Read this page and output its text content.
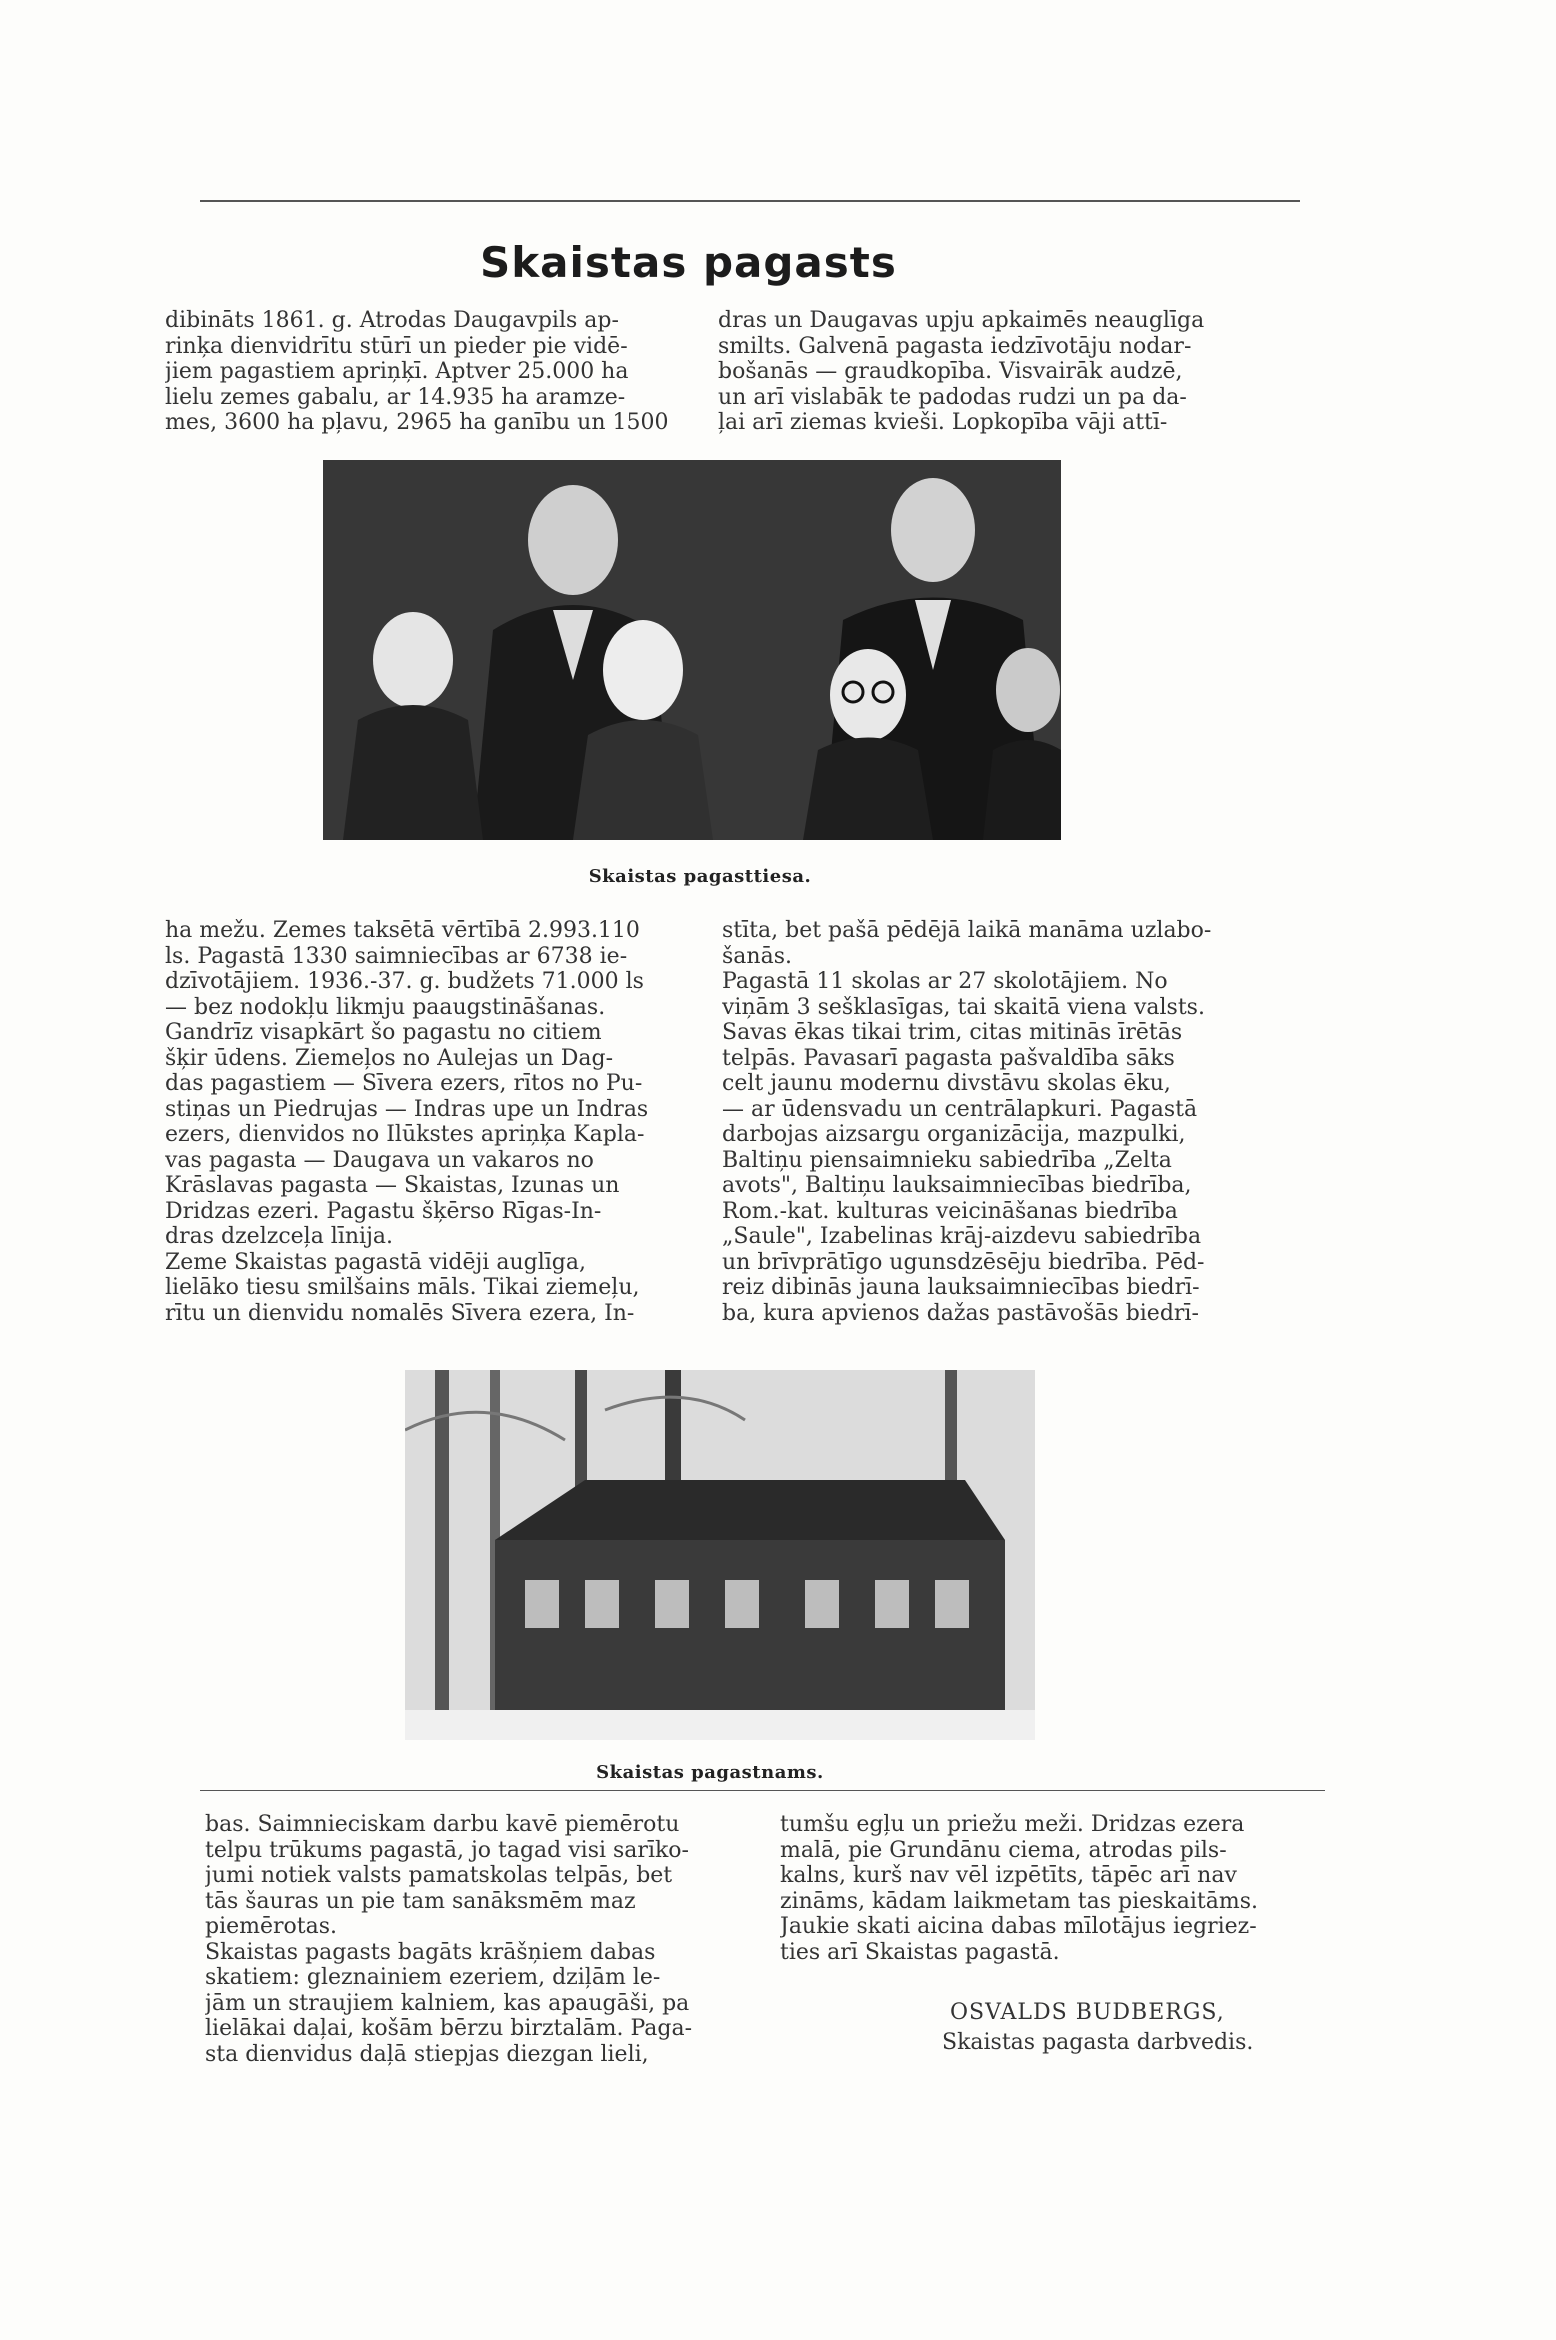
Skaistas pagasts
dibināts 1861. g. Atrodas Daugavpils ap-
rinķa dienvidrītu stūrī un pieder pie vidē-
jiem pagastiem apriņķī. Aptver 25.000 ha
lielu zemes gabalu, ar 14.935 ha aramze-
mes, 3600 ha pļavu, 2965 ha ganību un 1500
dras un Daugavas upju apkaimēs neauglīga
smilts. Galvenā pagasta iedzīvotāju nodar-
bošanās — graudkopība. Visvairāk audzē,
un arī vislabāk te padodas rudzi un pa da-
ļai arī ziemas kvieši. Lopkopība vāji attī-
Skaistas pagasttiesa.
ha mežu. Zemes taksētā vērtībā 2.993.110
ls. Pagastā 1330 saimniecības ar 6738 ie-
dzīvotājiem. 1936.-37. g. budžets 71.000 ls
— bez nodokļu likmju paaugstināšanas.
Gandrīz visapkārt šo pagastu no citiem
šķir ūdens. Ziemeļos no Aulejas un Dag-
das pagastiem — Sīvera ezers, rītos no Pu-
stiņas un Piedrujas — Indras upe un Indras
ezers, dienvidos no Ilūkstes apriņķa Kapla-
vas pagasta — Daugava un vakaros no
Krāslavas pagasta — Skaistas, Izunas un
Dridzas ezeri. Pagastu šķērso Rīgas-In-
dras dzelzceļa līnija.
Zeme Skaistas pagastā vidēji auglīga,
lielāko tiesu smilšains māls. Tikai ziemeļu,
rītu un dienvidu nomalēs Sīvera ezera, In-
stīta, bet pašā pēdējā laikā manāma uzlabo-
šanās.
Pagastā 11 skolas ar 27 skolotājiem. No
viņām 3 sešklasīgas, tai skaitā viena valsts.
Savas ēkas tikai trim, citas mitinās īrētās
telpās. Pavasarī pagasta pašvaldība sāks
celt jaunu modernu divstāvu skolas ēku,
— ar ūdensvadu un centrālapkuri. Pagastā
darbojas aizsargu organizācija, mazpulki,
Baltiņu piensaimnieku sabiedrība „Zelta
avots", Baltiņu lauksaimniecības biedrība,
Rom.-kat. kulturas veicināšanas biedrība
„Saule", Izabelinas krāj-aizdevu sabiedrība
un brīvprātīgo ugunsdzēsēju biedrība. Pēd-
reiz dibinās jauna lauksaimniecības biedrī-
ba, kura apvienos dažas pastāvošās biedrī-
Skaistas pagastnams.
bas. Saimnieciskam darbu kavē piemērotu
telpu trūkums pagastā, jo tagad visi sarīko-
jumi notiek valsts pamatskolas telpās, bet
tās šauras un pie tam sanāksmēm maz
piemērotas.
Skaistas pagasts bagāts krāšņiem dabas
skatiem: gleznainiem ezeriem, dziļām le-
jām un straujiem kalniem, kas apaugāši, pa
lielākai daļai, košām bērzu birztalām. Paga-
sta dienvidus daļā stiepjas diezgan lieli,
tumšu egļu un priežu meži. Dridzas ezera
malā, pie Grundānu ciema, atrodas pils-
kalns, kurš nav vēl izpētīts, tāpēc arī nav
zināms, kādam laikmetam tas pieskaitāms.
Jaukie skati aicina dabas mīlotājus iegriez-
ties arī Skaistas pagastā.
OSVALDS BUDBERGS,
Skaistas pagasta darbvedis.
